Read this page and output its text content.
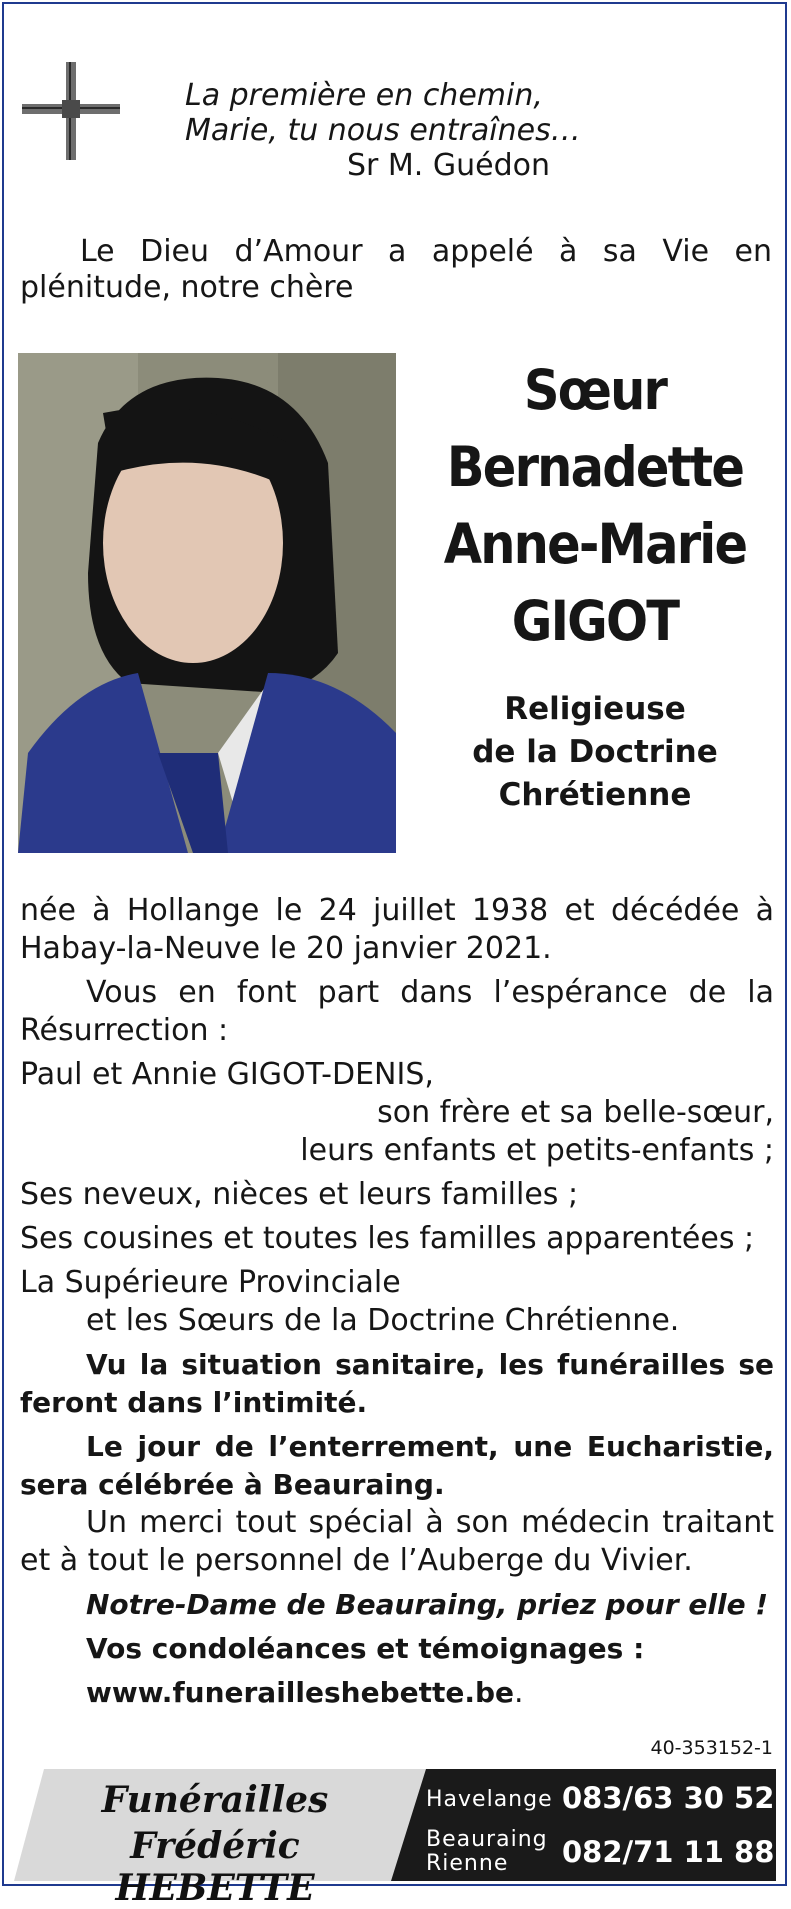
La première en chemin,
Marie, tu nous entraînes…
Sr M. Guédon
Le Dieu d’Amour a appelé à sa Vie en plénitude, notre chère
Sœur
Bernadette
Anne-Marie
GIGOT
Religieuse
de la Doctrine
Chrétienne

née à Hollange le 24 juillet 1938 et décédée à Habay-la-Neuve le 20 janvier 2021.

Vous en font part dans l’espérance de la Résurrection :

Paul et Annie GIGOT-DENIS,

son frère et sa belle-sœur,

leurs enfants et petits-enfants ;

Ses neveux, nièces et leurs familles ;

Ses cousines et toutes les familles apparentées ;

La Supérieure Provinciale

et les Sœurs de la Doctrine Chrétienne.

Vu la situation sanitaire, les funérailles se feront dans l’intimité.

Le jour de l’enterrement, une Eucharistie, sera célébrée à Beauraing.

Un merci tout spécial à son médecin traitant et à tout le personnel de l’Auberge du Vivier.

Notre-Dame de Beauraing, priez pour elle !

Vos condoléances et témoignages :

www.funerailleshebette.be.

40-353152-1
Funérailles
Frédéric HEBETTE
Havelange 083/63 30 52
Beauraing
Rienne 082/71 11 88
